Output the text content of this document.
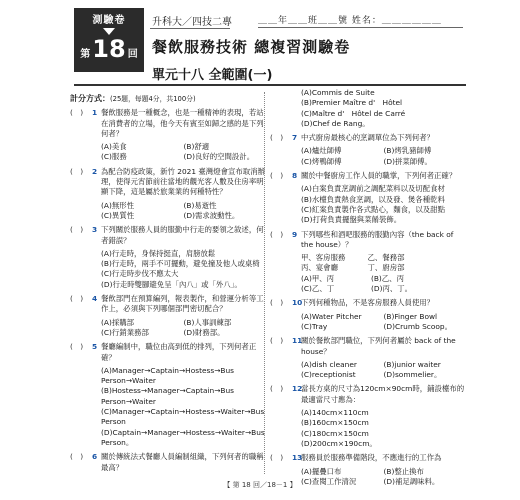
測驗卷
第 18 回
升科大／四技二專	＿＿年＿＿班＿＿號 姓名：＿＿＿＿＿＿
餐飲服務技術 總複習測驗卷
單元十八 全範圍(一)
計分方式：(25題，每題4分，共100分)
(　)	1 餐飲服務是一種概念，也是一種精神的表現，若站在消費者的立場，他今天有賓至如歸之感的是下列何者？
(A)美食	(B)舒適
(C)服務	(D)良好的空間設計。
(　)	2 為配合防疫政策，新竹 2021 臺灣燈會宣布取消辦理，使得元宵節前往當地的觀光客人數及住房率明顯下降，這是屬於旅業業的何種特性？
(A)無形性	(B)易逝性
(C)異質性	(D)需求波動性。
(　)	3 下列關於服務人員的服勤中行走的要領之敘述，何者錯誤？
(A)行走時，身保持挺直，肩膀放鬆
(B)行走時，兩手不可擺動，避免撞及他人或桌椅
(C)行走時步伐不應太大
(D)行走時雙腳避免呈「內八」或「外八」。
(　)	4 餐飲部門在預算編列，報表製作，和營運分析等工作上，必須與下列哪個部門密切配合？
(A)採購部	(B)人事訓練部
(C)行銷業務部	(D)財務部。
(　)	5 餐廳編制中，職位由高到低的排列，下列何者正確？
(A)Manager→Captain→Hostess→Bus Person→Waiter
(B)Hostess→Manager→Captain→Bus Person→Waiter
(C)Manager→Captain→Hostess→Waiter→Bus Person
(D)Captain→Manager→Hostess→Waiter→Bus Person。
(　)	6 關於傳統法式餐廳人員編制組織，下列何者的職稱最高？
(A)Commis de Suite
(B)Premier Maître d'　Hôtel
(C)Maître d'　Hôtel de Carré
(D)Chef de Rang。
(　)	7 中式廚房最核心的烹調單位為下列何者？
(A)爐灶師傅	(B)烤乳豬師傅
(C)烤鴨師傅	(D)拼菜師傅。
(　)	8 關於中餐廚房工作人員的職掌，下列何者正確？
(A)白案負責烹調前之調配菜料以及切配食材
(B)水檯負責熱食烹調，以及發、煲各種乾料
(C)紅案負責製作各式點心，麵食，以及甜點
(D)打荷負責擺盤與菜餚裝飾。
(　)	9 下列哪些和酒吧服務的服勤內容（the back of the house）？
甲、客房服務　　　乙、餐務部
丙、宴會廳　　　　丁、廚房部
(A)甲、丙　　　　　(B)乙、丙
(C)乙、丁　　　　　(D)丙、丁。
(　)	10
下列何種物品，不是客房服務人員使用？
(A)Water Pitcher	(B)Finger Bowl
(C)Tray	(D)Crumb Scoop。
(　)	11
關於餐飲部門職位，下列何者屬於 back of the house？
(A)dish cleaner	(B)junior waiter
(C)receptionist	(D)sommelier。
(　)	12
當長方桌的尺寸為120cm×90cm時，鋪設檯布的最適當尺寸應為：
(A)140cm×110cm
(B)160cm×150cm
(C)180cm×150cm
(D)200cm×190cm。
(　)	13
服務員於服務準備階段，不應進行的工作為
(A)擺疊口布	(B)整止換布
(C)查閱工作清況	(D)補足調味料。
【 第 18 回／18－1 】
